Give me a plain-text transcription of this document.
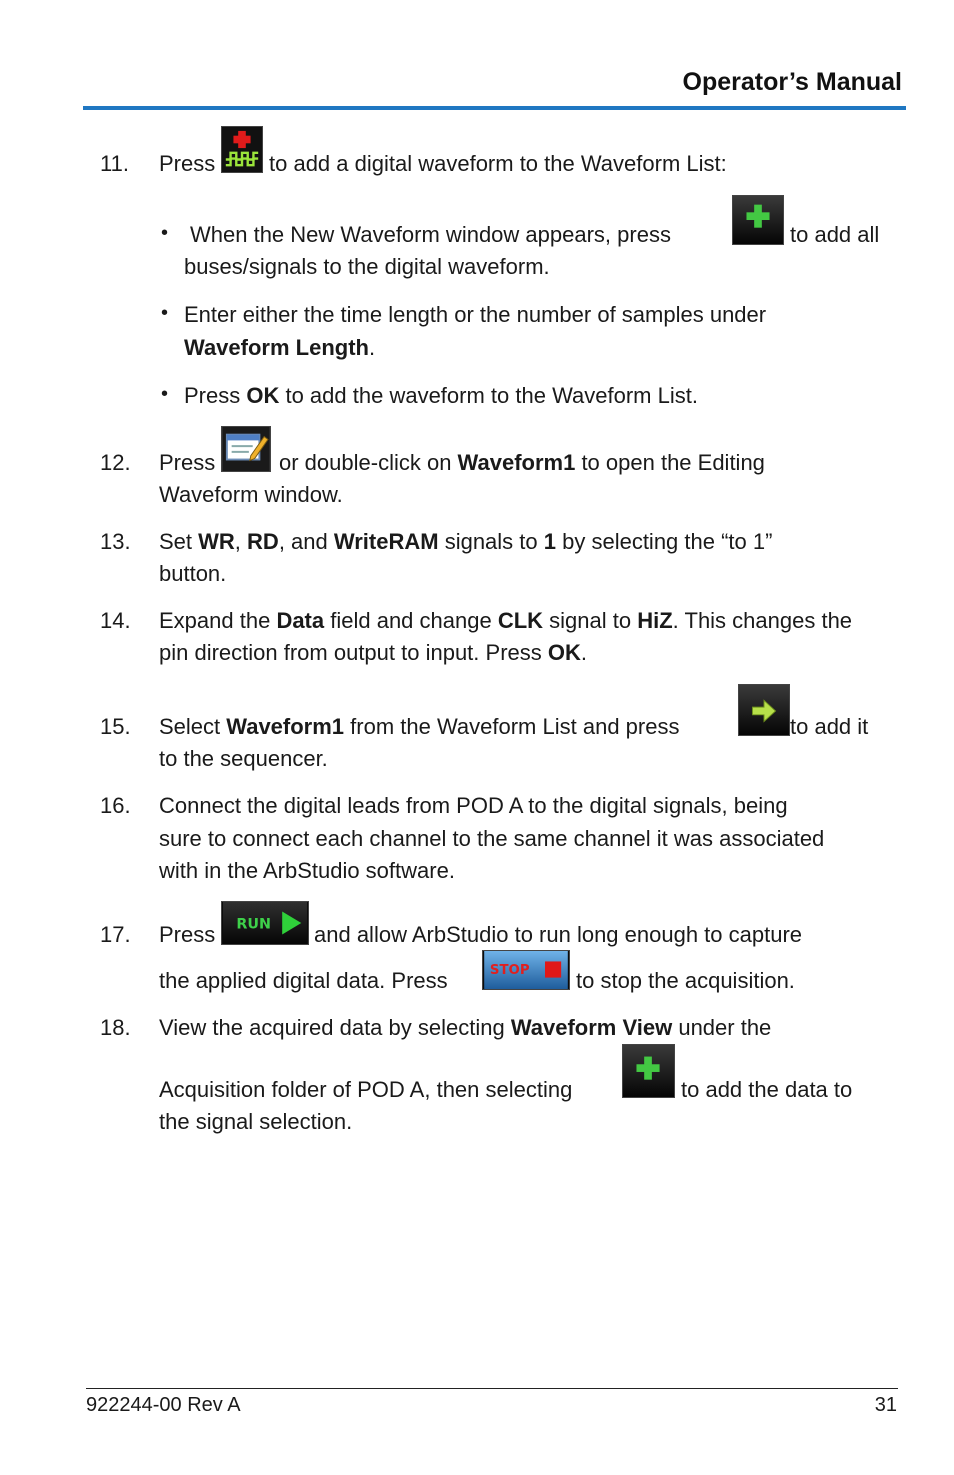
Operator’s Manual
11. Press to add a digital waveform to the Waveform List:
• When the New Waveform window appears, press	to add all
buses/signals to the digital waveform.
• Enter either the time length or the number of samples under
Waveform Length.
• Press OK to add the waveform to the Waveform List.
12. Press	or double-click on Waveform1 to open the Editing
Waveform window.
13. Set WR, RD, and WriteRAM signals to 1 by selecting the “to 1”
button.
14. Expand the Data field and change CLK signal to HiZ. This changes the
pin direction from output to input. Press OK.
15. Select Waveform1 from the Waveform List and press	to add it
to the sequencer.
16. Connect the digital leads from POD A to the digital signals, being
sure to connect each channel to the same channel it was associated
with in the ArbStudio software.
17. Press RUN and allow ArbStudio to run long enough to capture
the applied digital data. Press	STOP to stop the acquisition.
18. View the acquired data by selecting Waveform View under the
Acquisition folder of POD A, then selecting	to add the data to
the signal selection.
922244-00 Rev A	31
